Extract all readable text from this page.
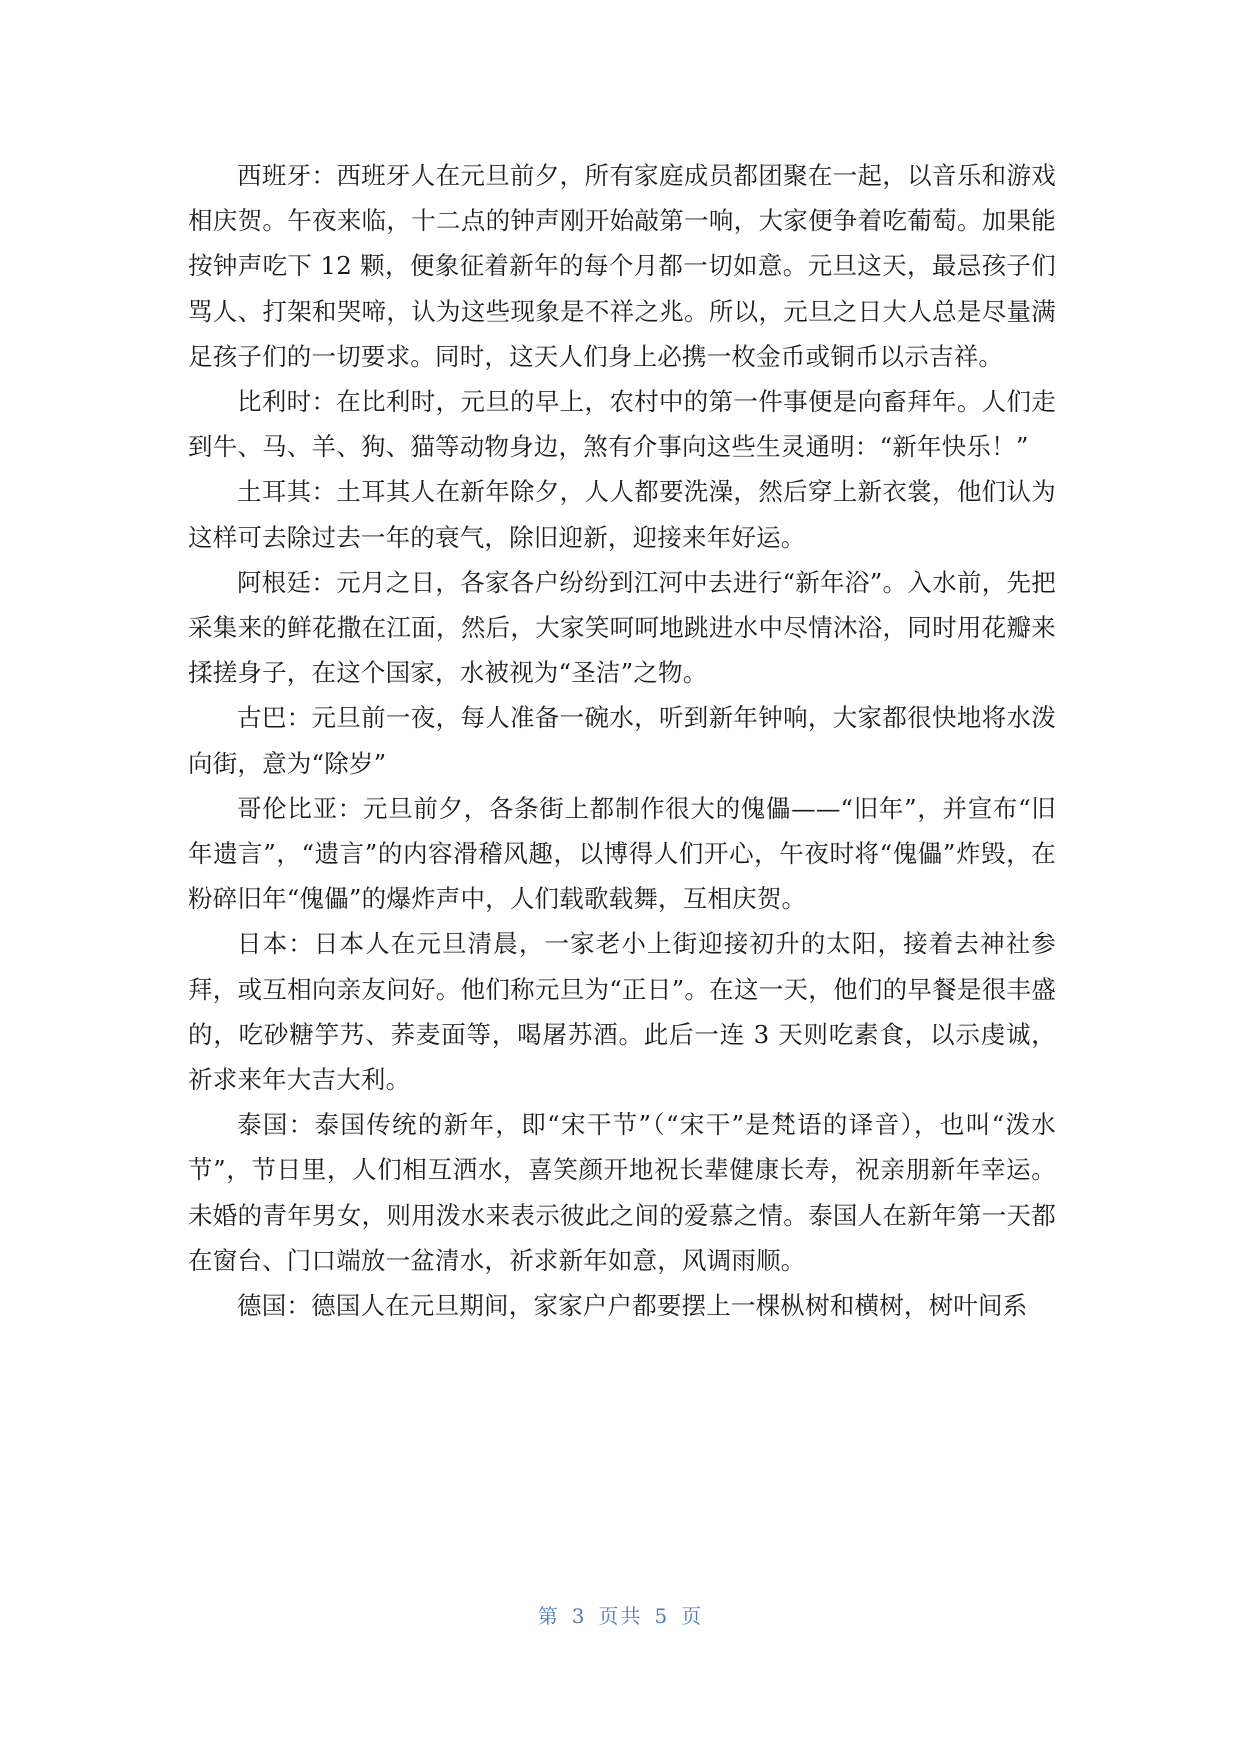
西班牙：西班牙人在元旦前夕，所有家庭成员都团聚在一起，以音乐和游戏相庆贺。午夜来临，十二点的钟声刚开始敲第一响，大家便争着吃葡萄。加果能按钟声吃下 12 颗，便象征着新年的每个月都一切如意。元旦这天，最忌孩子们骂人、打架和哭啼，认为这些现象是不祥之兆。所以，元旦之日大人总是尽量满足孩子们的一切要求。同时，这天人们身上必携一枚金币或铜币以示吉祥。

比利时：在比利时，元旦的早上，农村中的第一件事便是向畜拜年。人们走到牛、马、羊、狗、猫等动物身边，煞有介事向这些生灵通明：“新年快乐！”

土耳其：土耳其人在新年除夕，人人都要洗澡，然后穿上新衣裳，他们认为这样可去除过去一年的衰气，除旧迎新，迎接来年好运。

阿根廷：元月之日，各家各户纷纷到江河中去进行“新年浴”。入水前，先把采集来的鲜花撒在江面，然后，大家笑呵呵地跳进水中尽情沐浴，同时用花瓣来揉搓身子，在这个国家，水被视为“圣洁”之物。

古巴：元旦前一夜，每人准备一碗水，听到新年钟响，大家都很快地将水泼向街，意为“除岁”

哥伦比亚：元旦前夕，各条街上都制作很大的傀儡——“旧年”，并宣布“旧年遗言”，“遗言”的内容滑稽风趣，以博得人们开心，午夜时将“傀儡”炸毁，在粉碎旧年“傀儡”的爆炸声中，人们载歌载舞，互相庆贺。

日本：日本人在元旦清晨，一家老小上街迎接初升的太阳，接着去神社参拜，或互相向亲友问好。他们称元旦为“正日”。在这一天，他们的早餐是很丰盛的，吃砂糖竽艿、荞麦面等，喝屠苏酒。此后一连 3 天则吃素食，以示虔诚，祈求来年大吉大利。

泰国：泰国传统的新年，即“宋干节”（“宋干”是梵语的译音），也叫“泼水节”，节日里，人们相互洒水，喜笑颜开地祝长辈健康长寿，祝亲朋新年幸运。未婚的青年男女，则用泼水来表示彼此之间的爱慕之情。泰国人在新年第一天都在窗台、门口端放一盆清水，祈求新年如意，风调雨顺。

德国：德国人在元旦期间，家家户户都要摆上一棵枞树和横树，树叶间系

第 3 页共 5 页
